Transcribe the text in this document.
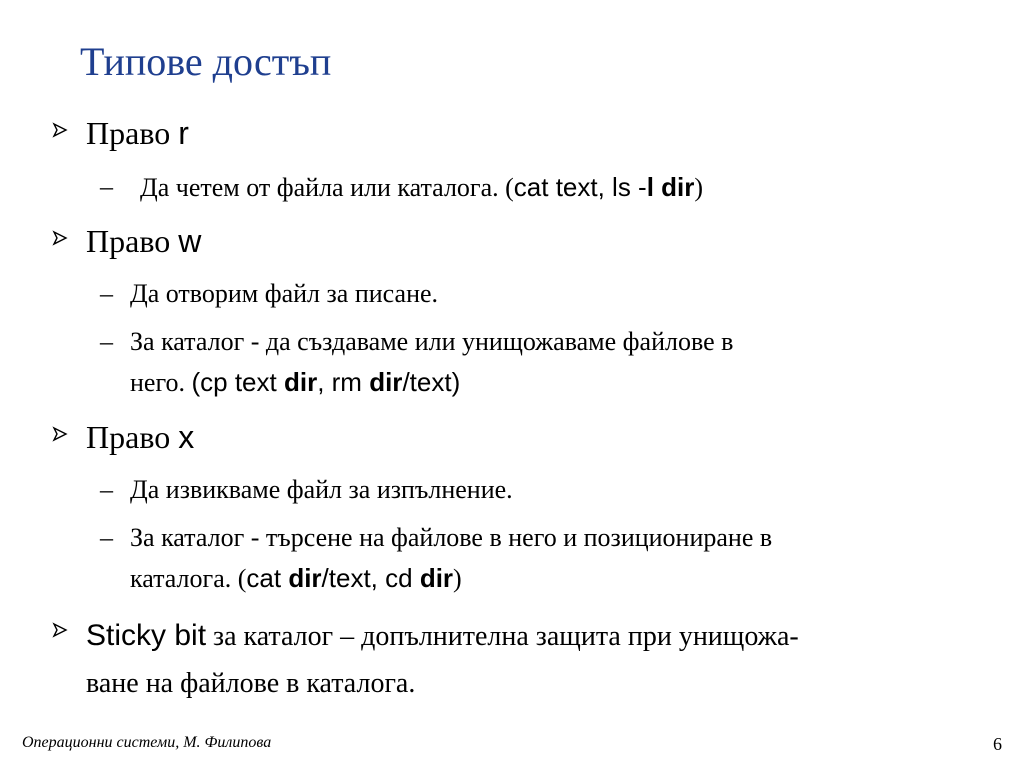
Типове достъп
Право r
– Да четем от файла или каталога. (cat text, ls -l dir)
Право w
– Да отворим файл за писане.
– За каталог - да създаваме или унищожаваме файлове в
него. (cp text dir, rm dir/text)
Право x
– Да извикваме файл за изпълнение.
– За каталог - търсене на файлове в него и позициониране в
каталога. (cat dir/text, cd dir)
Sticky bit за каталог – допълнителна защита при унищожа-
ване на файлове в каталога.
Операционни системи, М. Филипова	6
